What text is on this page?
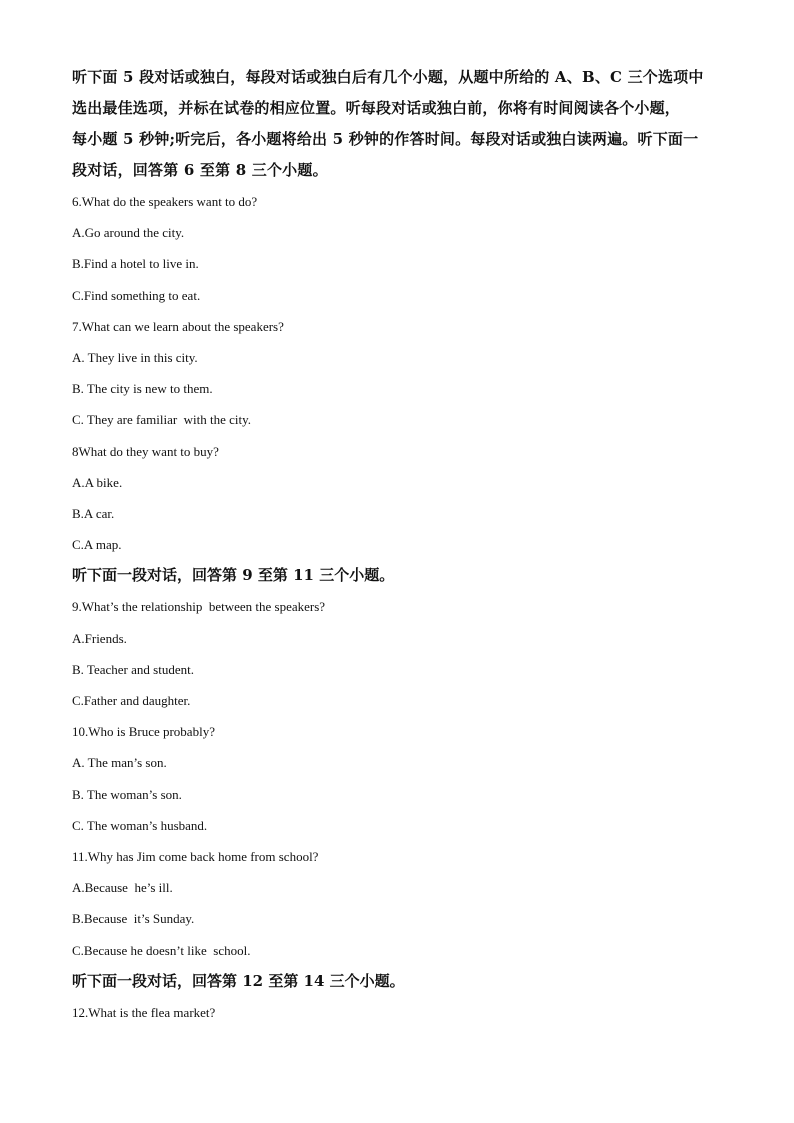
听下面 5 段对话或独白，每段对话或独白后有几个小题，从题中所给的 A、B、C 三个选项中

选出最佳选项，并标在试卷的相应位置。听每段对话或独白前，你将有时间阅读各个小题，

每小题 5 秒钟;听完后，各小题将给出 5 秒钟的作答时间。每段对话或独白读两遍。听下面一

段对话，回答第 6 至第 8 三个小题。

6.What do the speakers want to do?

A.Go around the city.

B.Find a hotel to live in.

C.Find something to eat.

7.What can we learn about the speakers?

A. They live in this city.

B. The city is new to them.

C. They are familiar  with the city.

8What do they want to buy?

A.A bike.

B.A car.

C.A map.

听下面一段对话，回答第 9 至第 11 三个小题。

9.What’s the relationship  between the speakers?

A.Friends.

B. Teacher and student.

C.Father and daughter.

10.Who is Bruce probably?

A. The man’s son.

B. The woman’s son.

C. The woman’s husband.

11.Why has Jim come back home from school?

A.Because  he’s ill.

B.Because  it’s Sunday.

C.Because he doesn’t like  school.

听下面一段对话，回答第 12 至第 14 三个小题。

12.What is the flea market?
